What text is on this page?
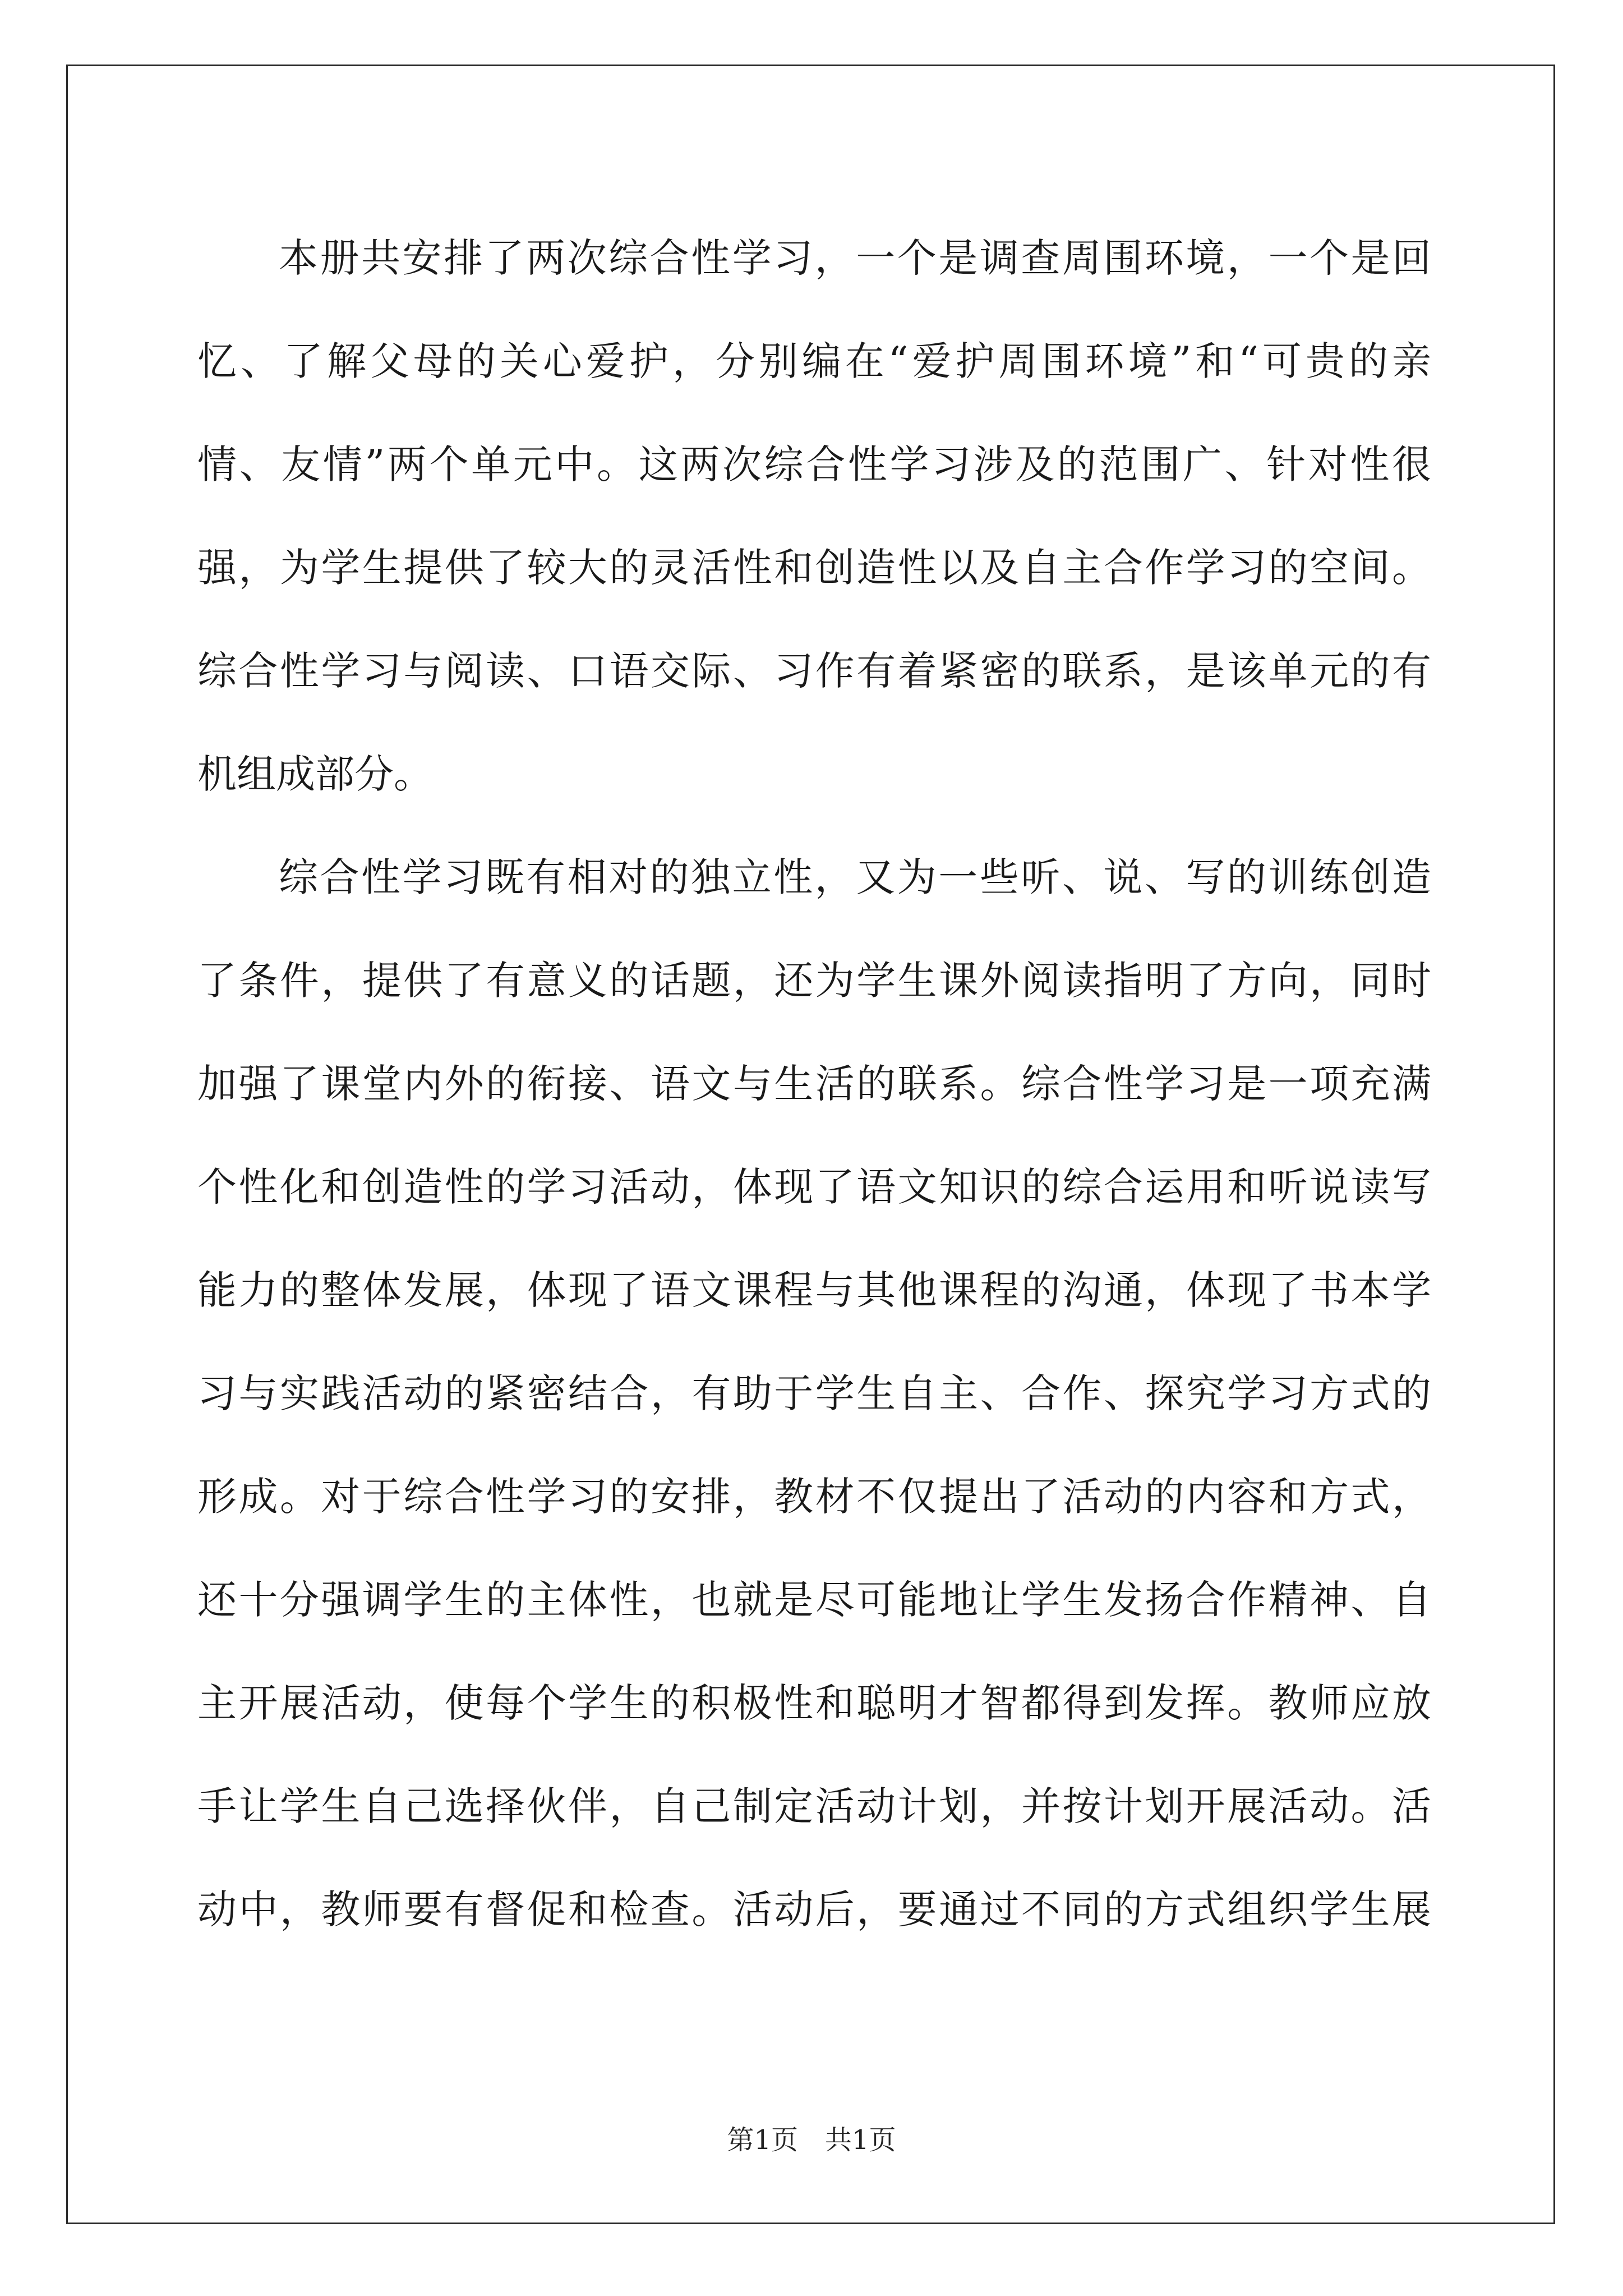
本册共安排了两次综合性学习，一个是调查周围环境，一个是回
忆、了解父母的关心爱护，分别编在“爱护周围环境”和“可贵的亲
情、友情”两个单元中。这两次综合性学习涉及的范围广、针对性很
强，为学生提供了较大的灵活性和创造性以及自主合作学习的空间。
综合性学习与阅读、口语交际、习作有着紧密的联系，是该单元的有
机组成部分。
综合性学习既有相对的独立性，又为一些听、说、写的训练创造
了条件，提供了有意义的话题，还为学生课外阅读指明了方向，同时
加强了课堂内外的衔接、语文与生活的联系。综合性学习是一项充满
个性化和创造性的学习活动，体现了语文知识的综合运用和听说读写
能力的整体发展，体现了语文课程与其他课程的沟通，体现了书本学
习与实践活动的紧密结合，有助于学生自主、合作、探究学习方式的
形成。对于综合性学习的安排，教材不仅提出了活动的内容和方式，
还十分强调学生的主体性，也就是尽可能地让学生发扬合作精神、自
主开展活动，使每个学生的积极性和聪明才智都得到发挥。教师应放
手让学生自己选择伙伴，自己制定活动计划，并按计划开展活动。活
动中，教师要有督促和检查。活动后，要通过不同的方式组织学生展
第1页　共1页
